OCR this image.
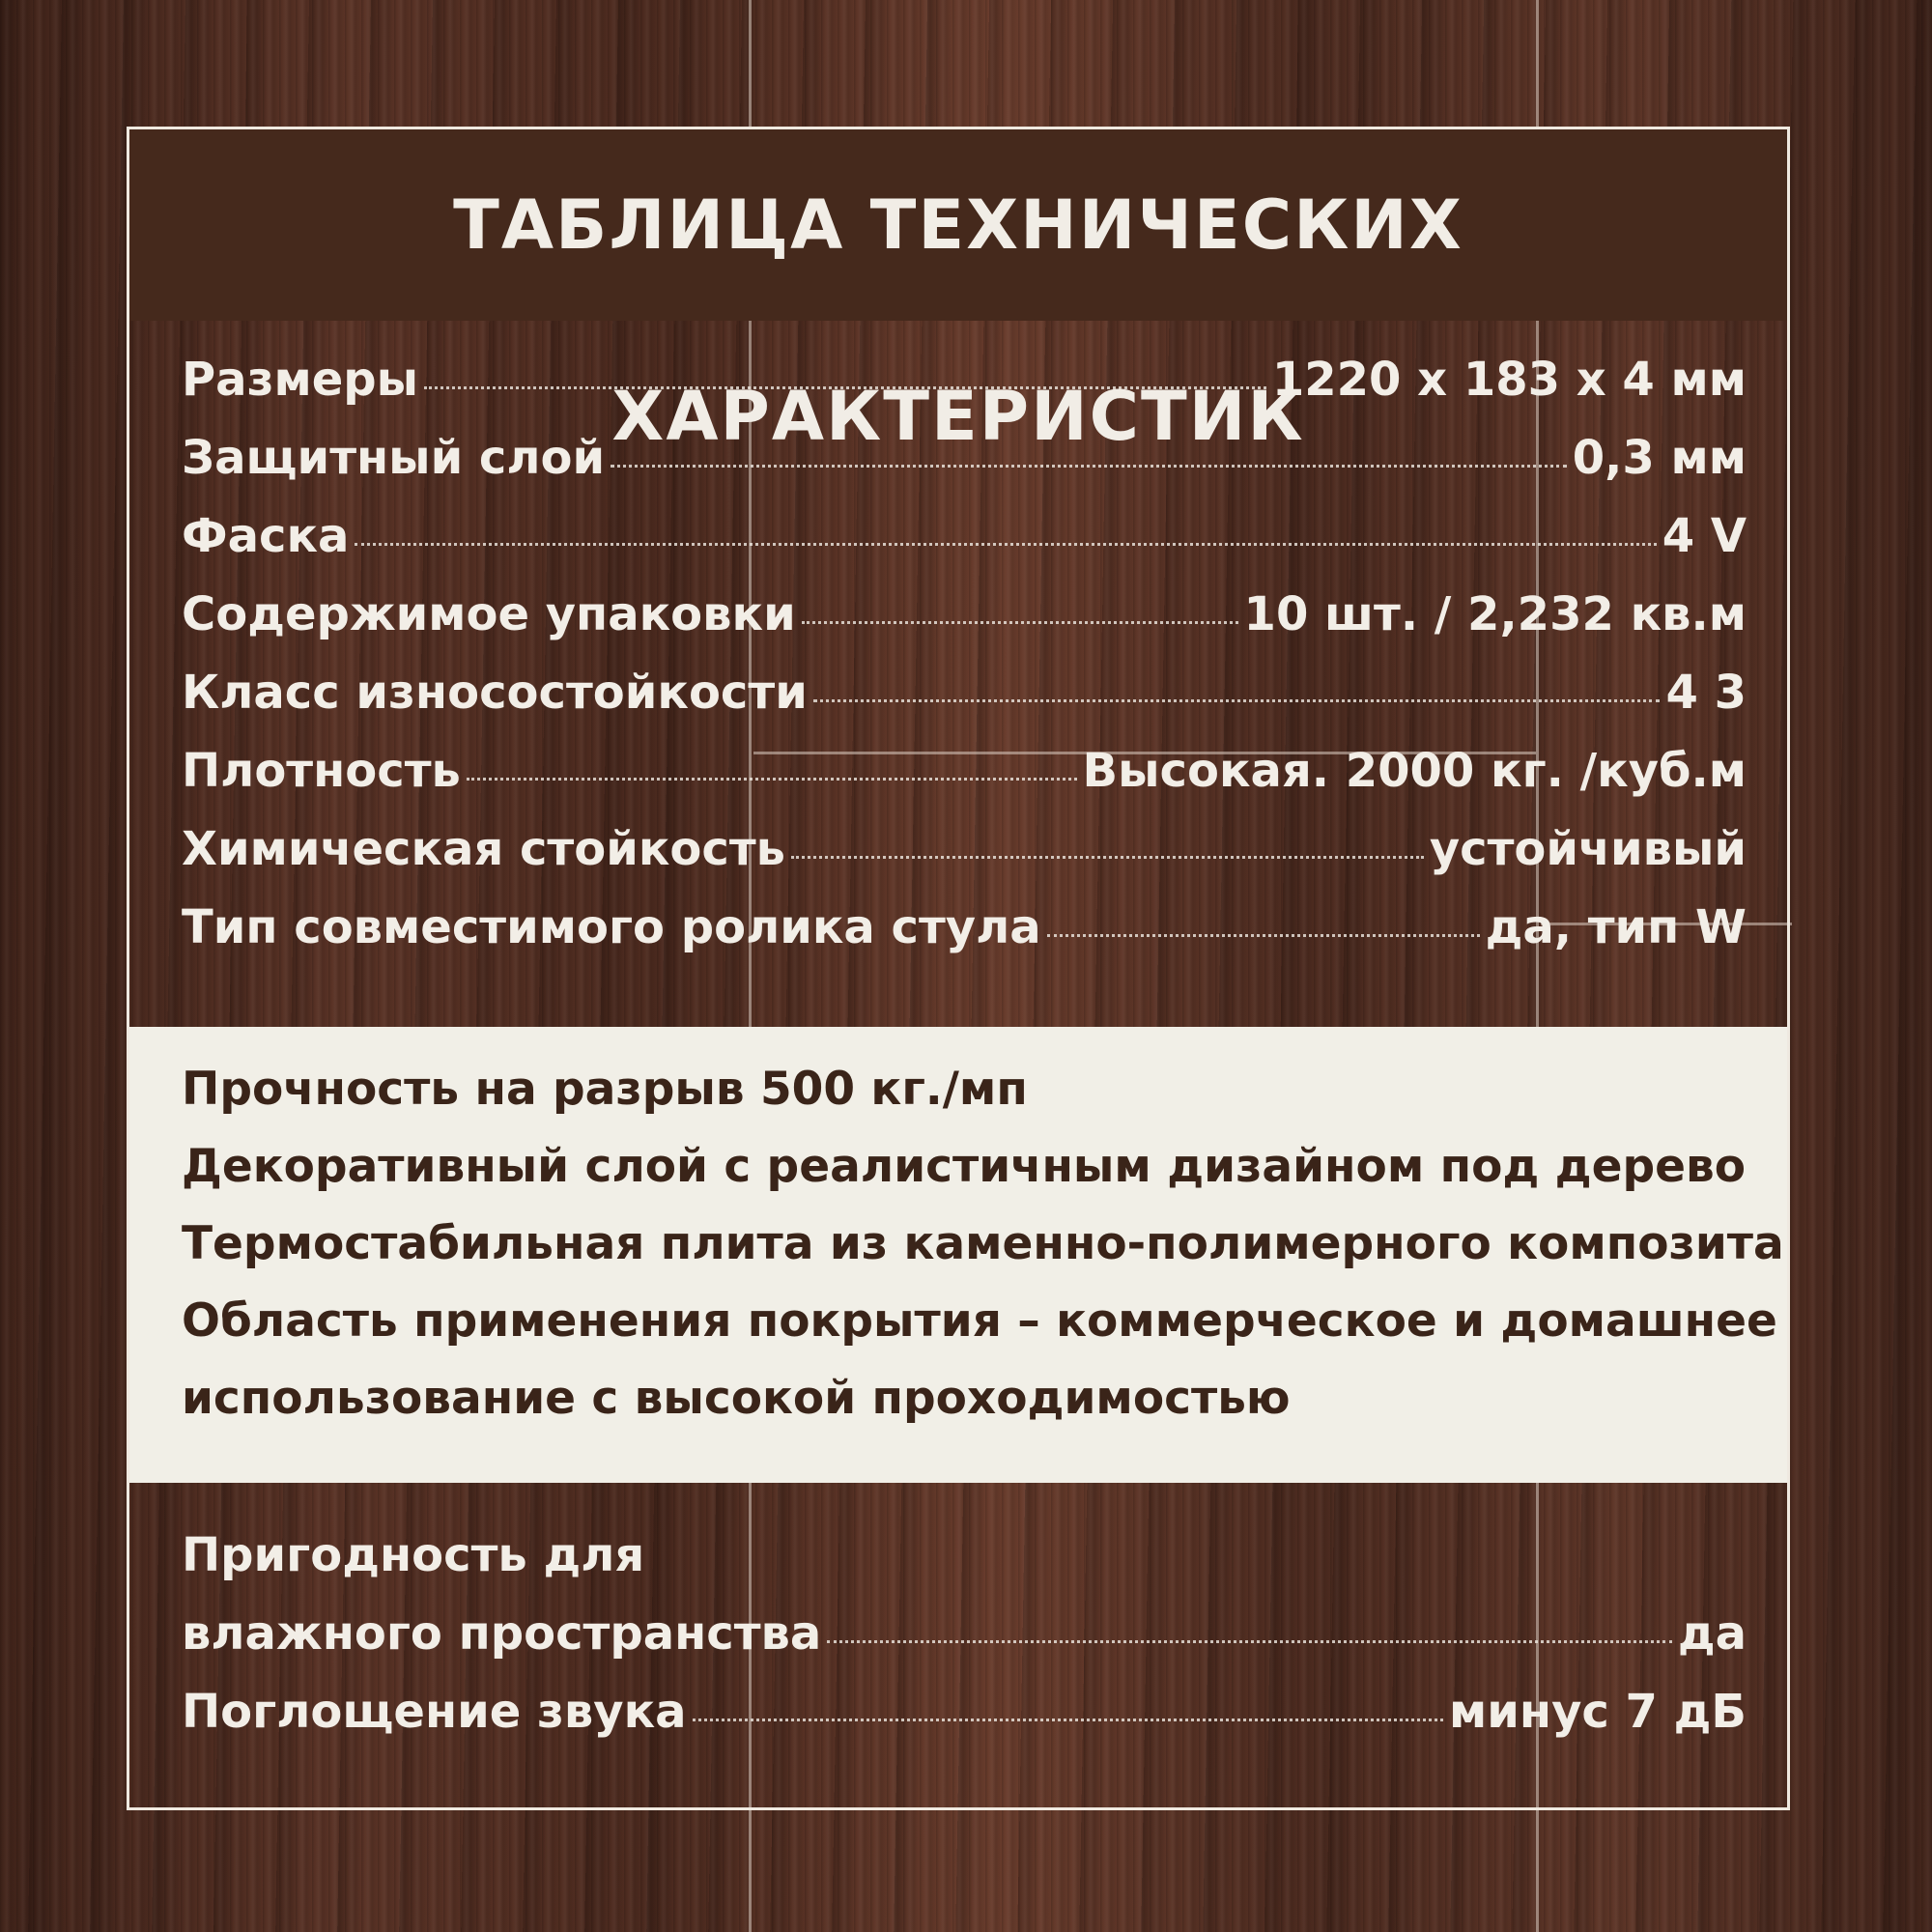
ТАБЛИЦА ТЕХНИЧЕСКИХ ХАРАКТЕРИСТИК
Размеры	1220 х 183 х 4 мм
Защитный слой	0,3 мм
Фаска	4 V
Содержимое упаковки	10 шт. / 2,232 кв.м
Класс износостойкости	4 3
Плотность	Высокая. 2000 кг. /куб.м
Химическая стойкость	устойчивый
Тип совместимого ролика стула	да, тип W
Прочность на разрыв 500 кг./мп
Декоративный слой с реалистичным дизайном под дерево
Термостабильная плита из каменно-полимерного композита
Область применения покрытия – коммерческое и домашнее
использование с высокой проходимостью
Пригодность для
влажного пространства	да
Поглощение звука	минус 7 дБ
